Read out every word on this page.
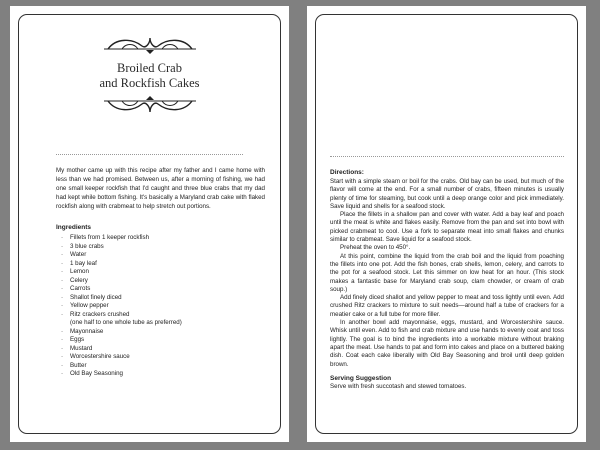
Broiled Crab
and Rockfish Cakes
My mother came up with this recipe after my father and I came home with less than we had promised. Between us, after a morning of fishing, we had one small keeper rockfish that I'd caught and three blue crabs that my dad had kept while bottom fishing. It's basically a Maryland crab cake with flaked rockfish along with crabmeat to help stretch out portions.
Ingredients
· Fillets from 1 keeper rockfish
· 3 blue crabs
· Water
· 1 bay leaf
· Lemon
· Celery
· Carrots
· Shallot finely diced
· Yellow pepper
· Ritz crackers crushed
(one half to one whole tube as preferred)
· Mayonnaise
· Eggs
· Mustard
· Worcestershire sauce
· Butter
· Old Bay Seasoning
Directions:

Start with a simple steam or boil for the crabs. Old bay can be used, but much of the flavor will come at the end. For a small number of crabs, fifteen minutes is usually plenty of time for steaming, but cook until a deep orange color and pick immediately. Save liquid and shells for a seafood stock.

Place the fillets in a shallow pan and cover with water. Add a bay leaf and poach until the meat is white and flakes easily. Remove from the pan and set into bowl with picked crabmeat to cool. Use a fork to separate meat into small flakes and chunks similar to crabmeat. Save liquid for a seafood stock.

Preheat the oven to 450°.

At this point, combine the liquid from the crab boil and the liquid from poaching the fillets into one pot. Add the fish bones, crab shells, lemon, celery, and carrots to the pot for a seafood stock. Let this simmer on low heat for an hour. (This stock makes a fantastic base for Maryland crab soup, clam chowder, or cream of crab soup.)

Add finely diced shallot and yellow pepper to meat and toss lightly until even. Add crushed Ritz crackers to mixture to suit needs—around half a tube of crackers for a meatier cake or a full tube for more filler.

In another bowl add mayonnaise, eggs, mustard, and Worcestershire sauce. Whisk until even. Add to fish and crab mixture and use hands to evenly coat and toss lightly. The goal is to bind the ingredients into a workable mixture without braking apart the meat. Use hands to pat and form into cakes and place on a buttered baking dish. Coat each cake liberally with Old Bay Seasoning and broil until deep golden brown.

Serving Suggestion

Serve with fresh succotash and stewed tomatoes.
